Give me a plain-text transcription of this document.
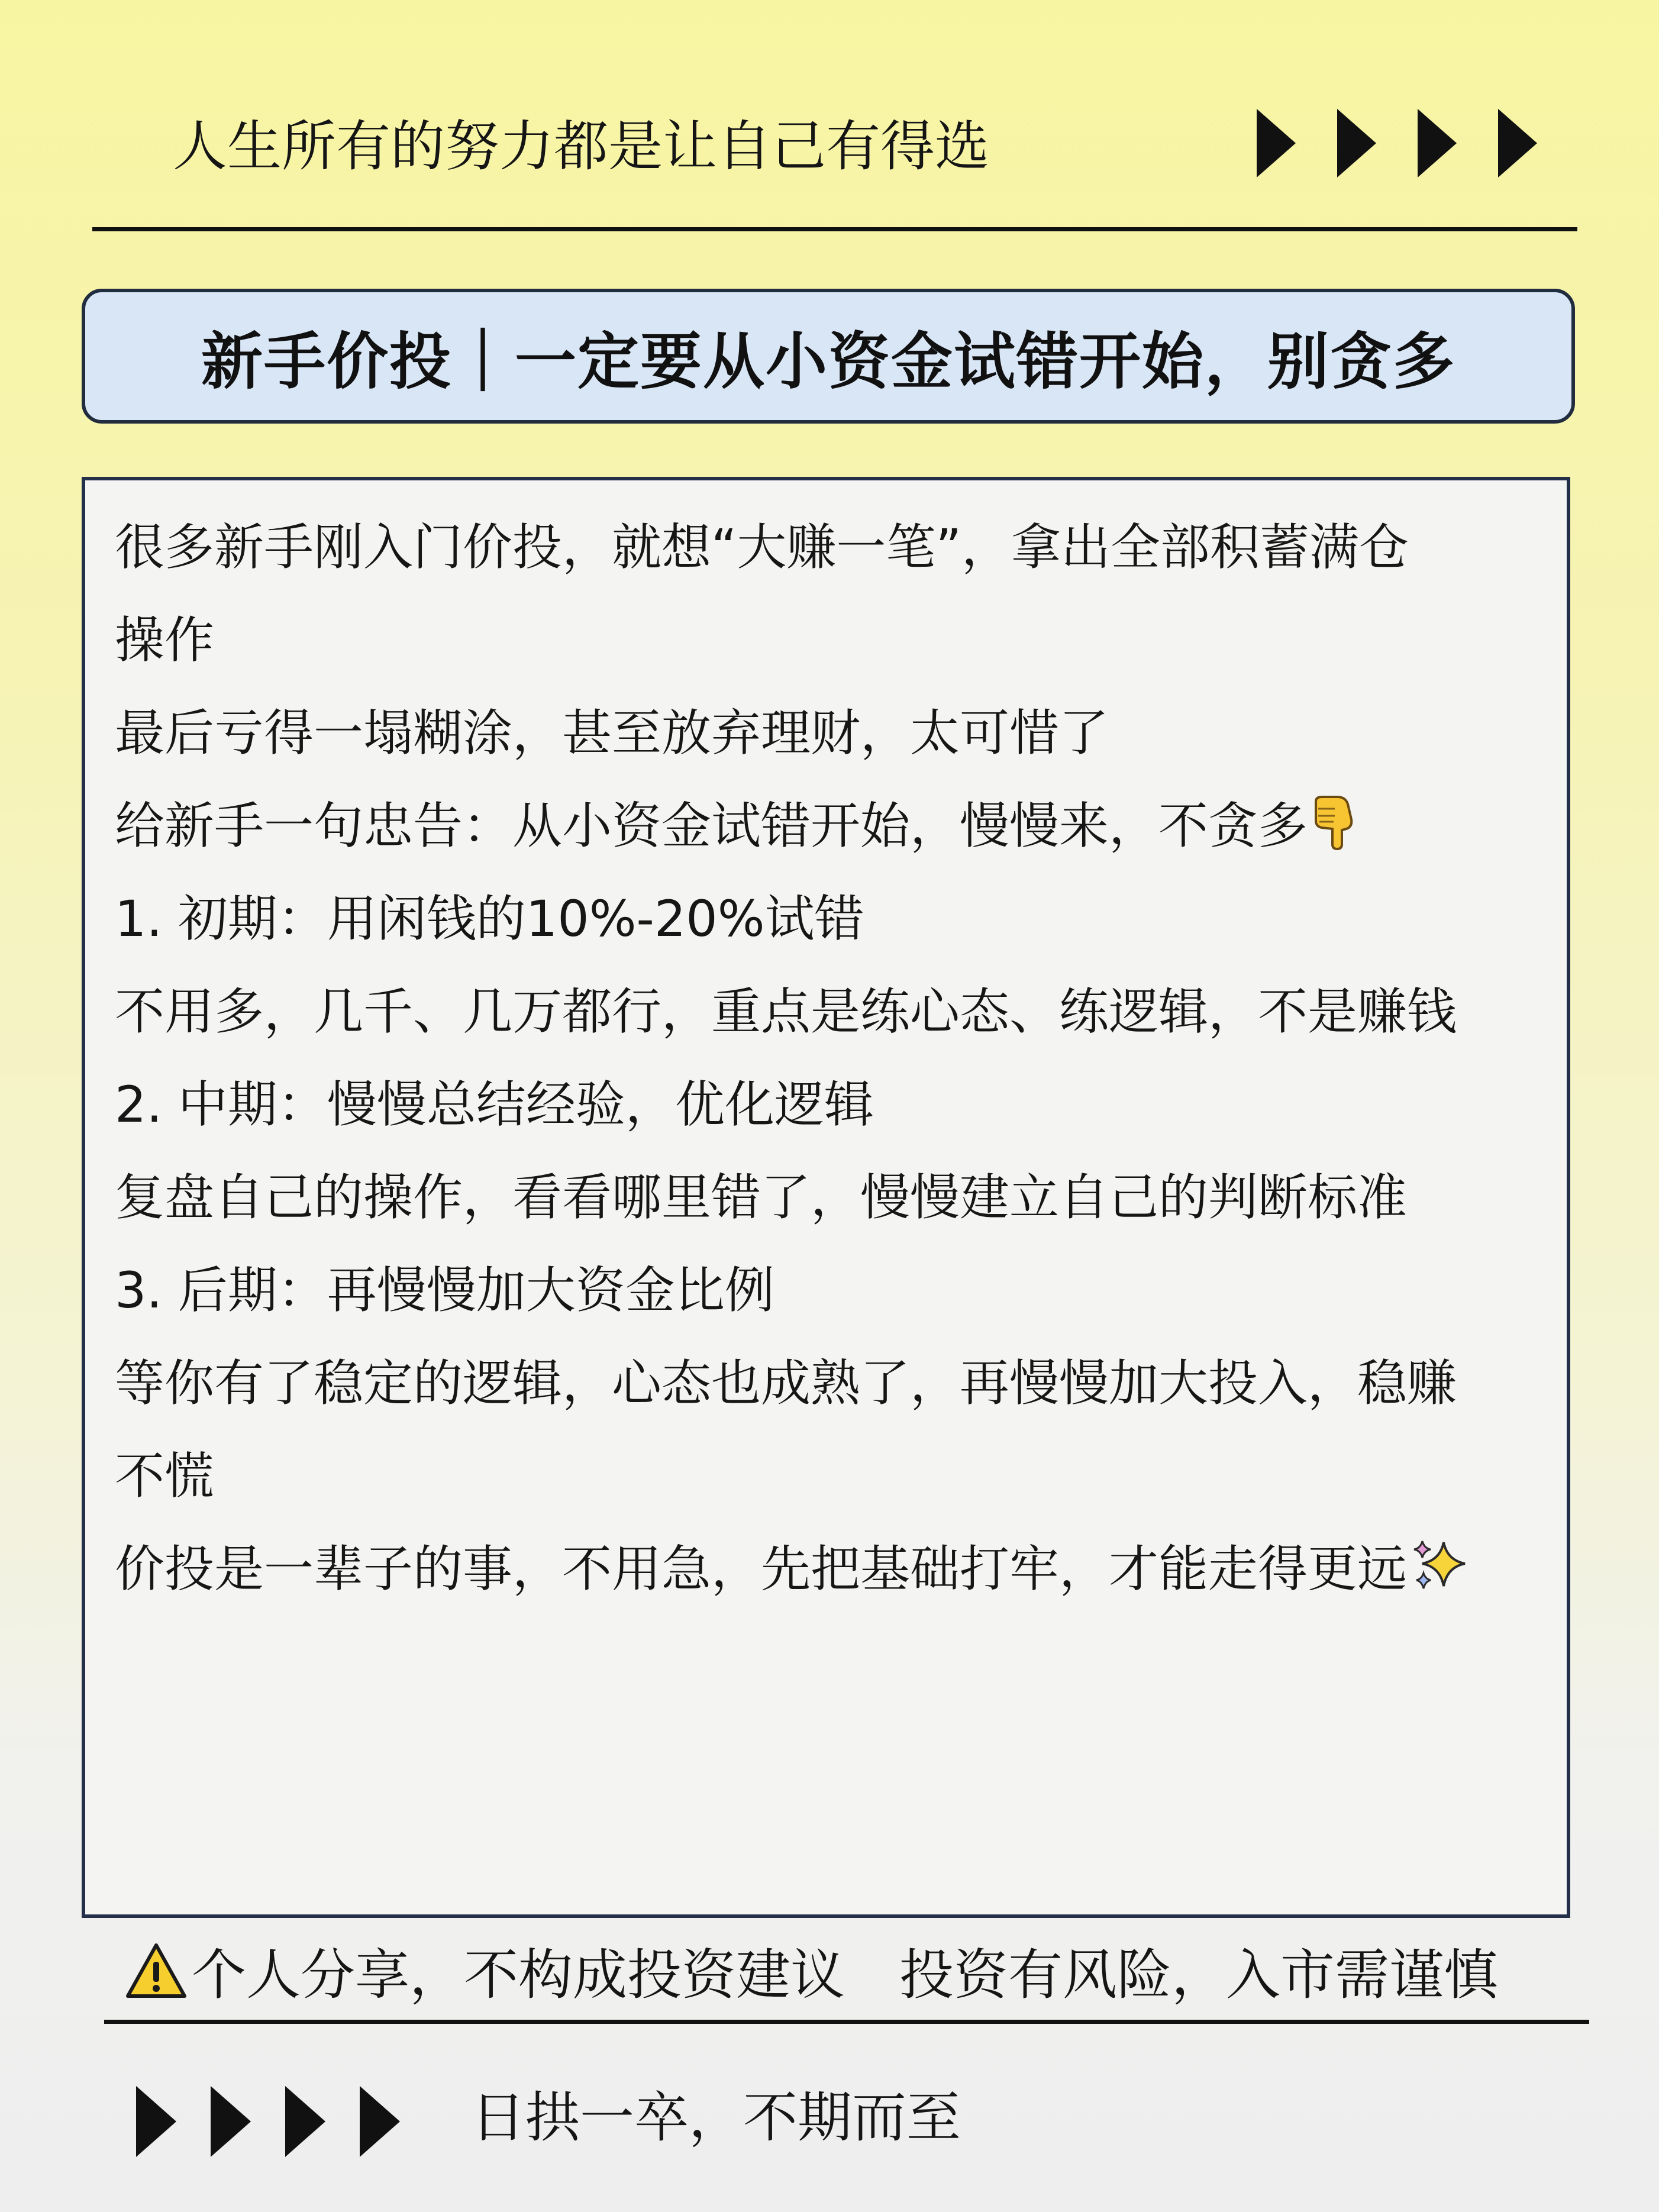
人生所有的努力都是让自己有得选
新手价投｜一定要从小资金试错开始，别贪多
很多新手刚入门价投，就想“大赚一笔”，拿出全部积蓄满仓
操作
最后亏得一塌糊涂，甚至放弃理财，太可惜了
给新手一句忠告：从小资金试错开始，慢慢来，不贪多
1. 初期：用闲钱的10%-20%试错
不用多，几千、几万都行，重点是练心态、练逻辑，不是赚钱
2. 中期：慢慢总结经验，优化逻辑
复盘自己的操作，看看哪里错了，慢慢建立自己的判断标准
3. 后期：再慢慢加大资金比例
等你有了稳定的逻辑，心态也成熟了，再慢慢加大投入，稳赚
不慌
价投是一辈子的事，不用急，先把基础打牢，才能走得更远
个人分享，不构成投资建议 投资有风险，入市需谨慎
日拱一卒，不期而至
